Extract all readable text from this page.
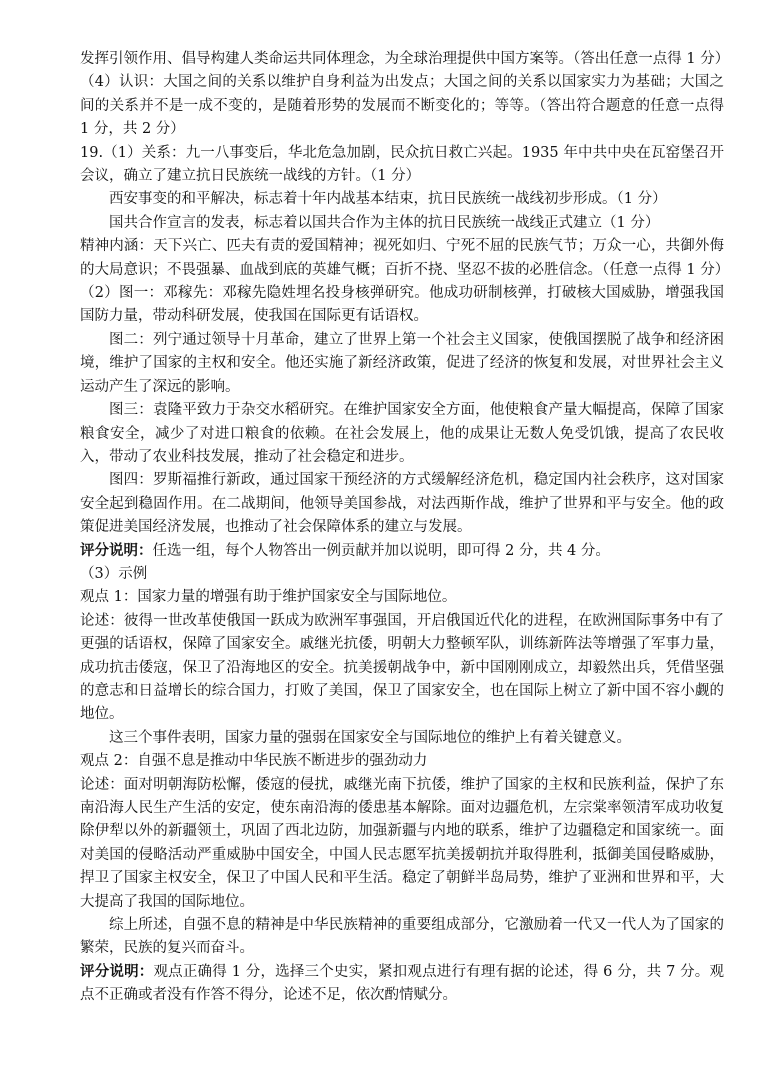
发挥引领作用、倡导构建人类命运共同体理念，为全球治理提供中国方案等。（答出任意一点得 1 分）

（4）认识：大国之间的关系以维护自身利益为出发点；大国之间的关系以国家实力为基础；大国之间的关系并不是一成不变的，是随着形势的发展而不断变化的；等等。（答出符合题意的任意一点得 1 分，共 2 分）

19.（1）关系：九一八事变后，华北危急加剧，民众抗日救亡兴起。1935 年中共中央在瓦窑堡召开会议，确立了建立抗日民族统一战线的方针。（1 分）

西安事变的和平解决，标志着十年内战基本结束，抗日民族统一战线初步形成。（1 分）

国共合作宣言的发表，标志着以国共合作为主体的抗日民族统一战线正式建立（1 分）

精神内涵：天下兴亡、匹夫有责的爱国精神；视死如归、宁死不屈的民族气节；万众一心，共御外侮的大局意识；不畏强暴、血战到底的英雄气概；百折不挠、坚忍不拔的必胜信念。（任意一点得 1 分）

（2）图一：邓稼先：邓稼先隐姓埋名投身核弹研究。他成功研制核弹，打破核大国威胁，增强我国国防力量，带动科研发展，使我国在国际更有话语权。

图二：列宁通过领导十月革命，建立了世界上第一个社会主义国家，使俄国摆脱了战争和经济困境，维护了国家的主权和安全。他还实施了新经济政策，促进了经济的恢复和发展，对世界社会主义运动产生了深远的影响。

图三：袁隆平致力于杂交水稻研究。在维护国家安全方面，他使粮食产量大幅提高，保障了国家粮食安全，减少了对进口粮食的依赖。在社会发展上，他的成果让无数人免受饥饿，提高了农民收入，带动了农业科技发展，推动了社会稳定和进步。

图四：罗斯福推行新政，通过国家干预经济的方式缓解经济危机，稳定国内社会秩序，这对国家安全起到稳固作用。在二战期间，他领导美国参战，对法西斯作战，维护了世界和平与安全。他的政策促进美国经济发展，也推动了社会保障体系的建立与发展。

评分说明：任选一组，每个人物答出一例贡献并加以说明，即可得 2 分，共 4 分。

（3）示例

观点 1：国家力量的增强有助于维护国家安全与国际地位。

论述：彼得一世改革使俄国一跃成为欧洲军事强国，开启俄国近代化的进程，在欧洲国际事务中有了更强的话语权，保障了国家安全。戚继光抗倭，明朝大力整顿军队，训练新阵法等增强了军事力量，成功抗击倭寇，保卫了沿海地区的安全。抗美援朝战争中，新中国刚刚成立，却毅然出兵，凭借坚强的意志和日益增长的综合国力，打败了美国，保卫了国家安全，也在国际上树立了新中国不容小觑的地位。

这三个事件表明，国家力量的强弱在国家安全与国际地位的维护上有着关键意义。

观点 2：自强不息是推动中华民族不断进步的强劲动力

论述：面对明朝海防松懈，倭寇的侵扰，戚继光南下抗倭，维护了国家的主权和民族利益，保护了东南沿海人民生产生活的安定，使东南沿海的倭患基本解除。面对边疆危机，左宗棠率领清军成功收复除伊犁以外的新疆领土，巩固了西北边防，加强新疆与内地的联系，维护了边疆稳定和国家统一。面对美国的侵略活动严重威胁中国安全，中国人民志愿军抗美援朝抗并取得胜利，抵御美国侵略威胁，捍卫了国家主权安全，保卫了中国人民和平生活。稳定了朝鲜半岛局势，维护了亚洲和世界和平，大大提高了我国的国际地位。

综上所述，自强不息的精神是中华民族精神的重要组成部分，它激励着一代又一代人为了国家的繁荣，民族的复兴而奋斗。

评分说明：观点正确得 1 分，选择三个史实，紧扣观点进行有理有据的论述，得 6 分，共 7 分。观点不正确或者没有作答不得分，论述不足，依次酌情赋分。
